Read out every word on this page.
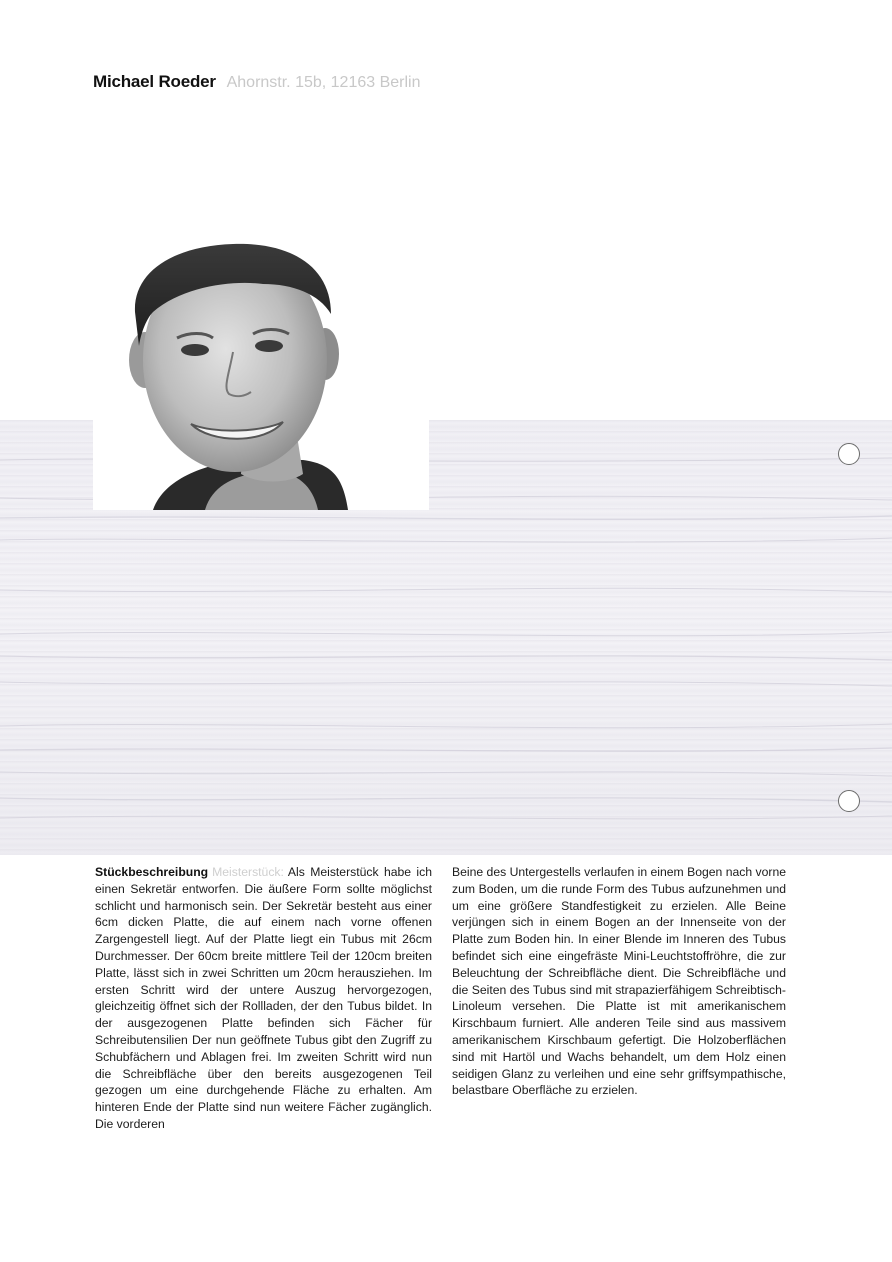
Michael Roeder Ahornstr. 15b, 12163 Berlin
Stückbeschreibung Meisterstück: Als Meisterstück habe ich einen Sekretär entworfen. Die äußere Form sollte möglichst schlicht und harmonisch sein. Der Sekretär besteht aus einer 6cm dicken Platte, die auf einem nach vorne offenen Zargengestell liegt. Auf der Platte liegt ein Tubus mit 26cm Durchmesser. Der 60cm breite mittlere Teil der 120cm breiten Platte, lässt sich in zwei Schritten um 20cm herausziehen. Im ersten Schritt wird der untere Auszug hervorgezogen, gleichzeitig öffnet sich der Rollladen, der den Tubus bildet. In der ausgezogenen Platte befinden sich Fächer für Schreibutensilien Der nun geöffnete Tubus gibt den Zugriff zu Schubfächern und Ablagen frei. Im zweiten Schritt wird nun die Schreibfläche über den bereits ausgezogenen Teil gezogen um eine durchgehende Fläche zu erhalten. Am hinteren Ende der Platte sind nun weitere Fächer zugänglich. Die vorderen
Beine des Untergestells verlaufen in einem Bogen nach vorne zum Boden, um die runde Form des Tubus aufzunehmen und um eine größere Standfestigkeit zu erzielen. Alle Beine verjüngen sich in einem Bogen an der Innenseite von der Platte zum Boden hin. In einer Blende im Inneren des Tubus befindet sich eine eingefräste Mini-Leuchtstoffröhre, die zur Beleuchtung der Schreibfläche dient. Die Schreibfläche und die Seiten des Tubus sind mit strapazierfähigem Schreibtisch-Linoleum versehen. Die Platte ist mit amerikanischem Kirschbaum furniert. Alle anderen Teile sind aus massivem amerikanischem Kirschbaum gefertigt. Die Holzoberflächen sind mit Hartöl und Wachs behandelt, um dem Holz einen seidigen Glanz zu verleihen und eine sehr griffsympathische, belastbare Oberfläche zu erzielen.
